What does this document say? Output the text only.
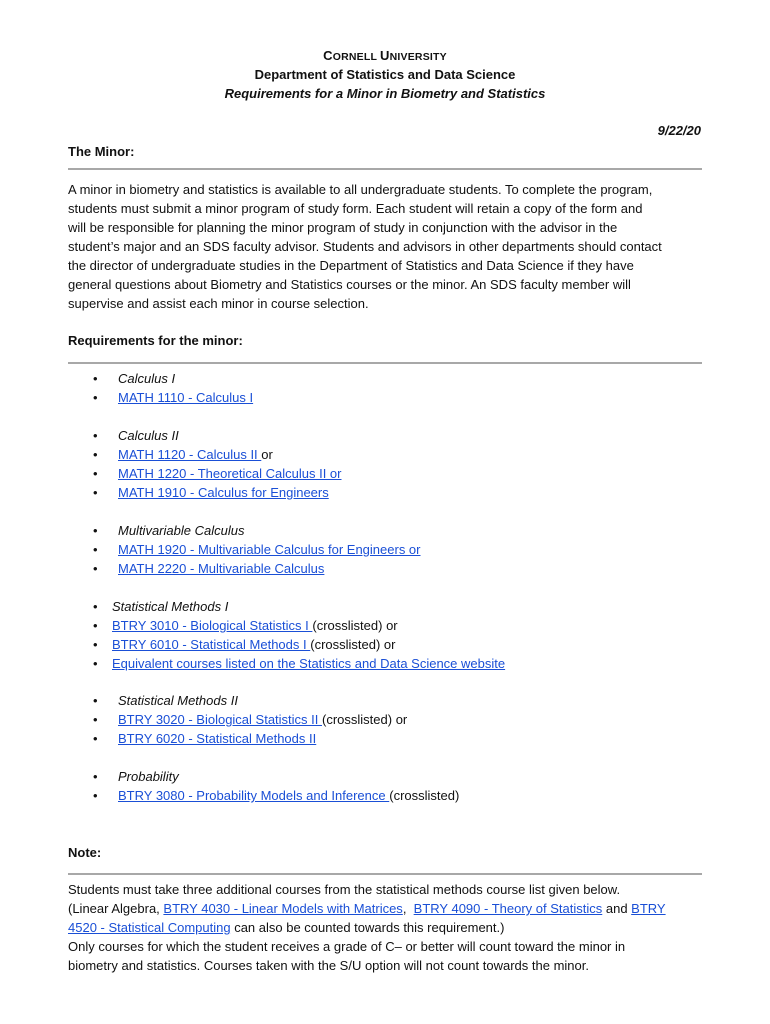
CORNELL UNIVERSITY
Department of Statistics and Data Science
Requirements for a Minor in Biometry and Statistics
9/22/20
The Minor:
A minor in biometry and statistics is available to all undergraduate students. To complete the program,
students must submit a minor program of study form. Each student will retain a copy of the form and
will be responsible for planning the minor program of study in conjunction with the advisor in the
student’s major and an SDS faculty advisor. Students and advisors in other departments should contact
the director of undergraduate studies in the Department of Statistics and Data Science if they have
general questions about Biometry and Statistics courses or the minor. An SDS faculty member will
supervise and assist each minor in course selection.
Requirements for the minor:
• Calculus I
• MATH 1110 - Calculus I
• Calculus II
• MATH 1120 - Calculus II or
• MATH 1220 - Theoretical Calculus II or
• MATH 1910 - Calculus for Engineers
• Multivariable Calculus
• MATH 1920 - Multivariable Calculus for Engineers or
• MATH 2220 - Multivariable Calculus
• Statistical Methods I
• BTRY 3010 - Biological Statistics I (crosslisted) or
• BTRY 6010 - Statistical Methods I (crosslisted) or
• Equivalent courses listed on the Statistics and Data Science website
• Statistical Methods II
• BTRY 3020 - Biological Statistics II (crosslisted) or
• BTRY 6020 - Statistical Methods II
• Probability
• BTRY 3080 - Probability Models and Inference (crosslisted)
Note:
Students must take three additional courses from the statistical methods course list given below.
(Linear Algebra, BTRY 4030 - Linear Models with Matrices,  BTRY 4090 - Theory of Statistics and BTRY
4520 - Statistical Computing can also be counted towards this requirement.)
Only courses for which the student receives a grade of C– or better will count toward the minor in
biometry and statistics. Courses taken with the S/U option will not count towards the minor.
